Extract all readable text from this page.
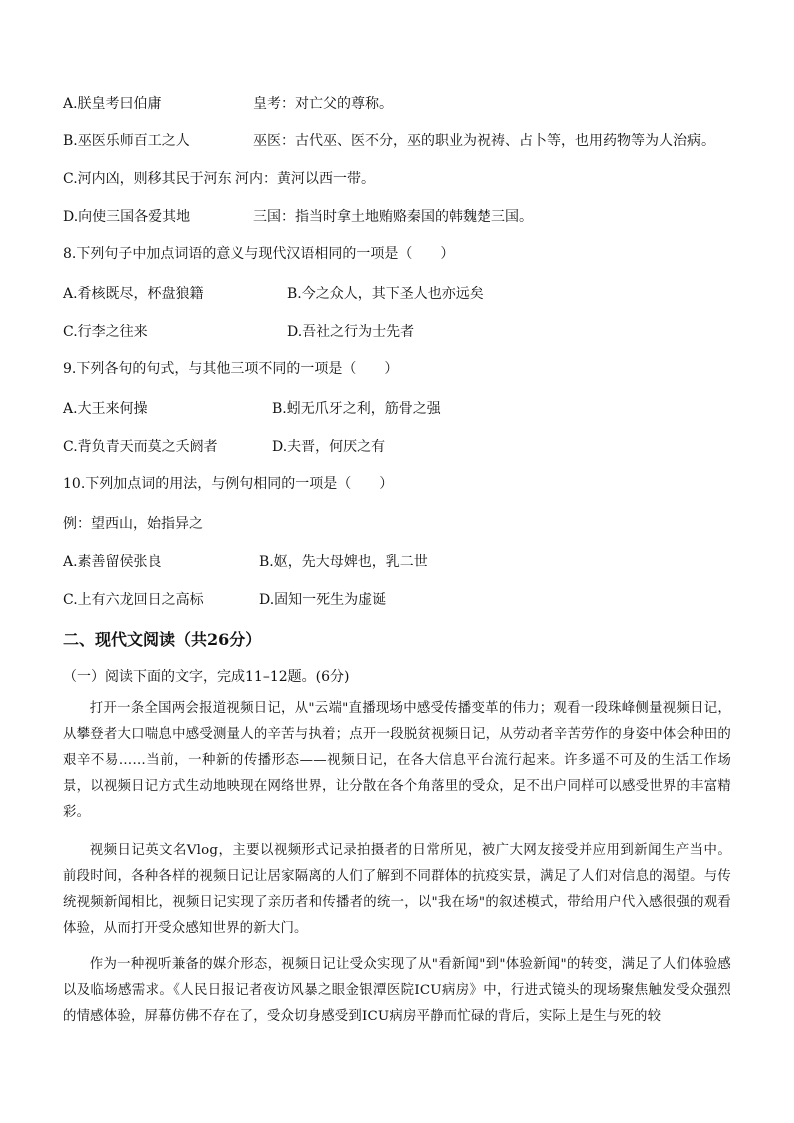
A.朕皇考曰伯庸	皇考：对亡父的尊称。
B.巫医乐师百工之人	巫医：古代巫、医不分，巫的职业为祝祷、占卜等，也用药物等为人治病。
C.河内凶，则移其民于河东 河内：黄河以西一带。
D.向使三国各爱其地	三国：指当时拿土地贿赂秦国的韩魏楚三国。
8.下列句子中加点词语的意义与现代汉语相同的一项是（　　）
A.肴核既尽，杯盘狼籍	B.今之众人，其下圣人也亦远矣
C.行李之往来	D.吾社之行为士先者
9.下列各句的句式，与其他三项不同的一项是（　　）
A.大王来何操	B.蚓无爪牙之利，筋骨之强
C.背负青天而莫之夭阏者	D.夫晋，何厌之有
10.下列加点词的用法，与例句相同的一项是（　　）
例：望西山，始指异之
A.素善留侯张良	B.妪，先大母婢也，乳二世
C.上有六龙回日之高标	D.固知一死生为虚诞
二、现代文阅读（共26分）
（一）阅读下面的文字，完成11–12题。(6分)
打开一条全国两会报道视频日记，从"云端"直播现场中感受传播变革的伟力；观看一段珠峰侧量视频日记，从攀登者大口喘息中感受测量人的辛苦与执着；点开一段脱贫视频日记，从劳动者辛苦劳作的身姿中体会种田的艰辛不易……当前，一种新的传播形态——视频日记，在各大信息平台流行起来。许多遥不可及的生活工作场景，以视频日记方式生动地映现在网络世界，让分散在各个角落里的受众，足不出户同样可以感受世界的丰富精彩。
视频日记英文名Vlog，主要以视频形式记录拍摄者的日常所见，被广大网友接受并应用到新闻生产当中。前段时间，各种各样的视频日记让居家隔离的人们了解到不同群体的抗疫实景，满足了人们对信息的渴望。与传统视频新闻相比，视频日记实现了亲历者和传播者的统一，以"我在场"的叙述模式，带给用户代入感很强的观看体验，从而打开受众感知世界的新大门。
作为一种视听兼备的媒介形态，视频日记让受众实现了从"看新闻"到"体验新闻"的转变，满足了人们体验感以及临场感需求。《人民日报记者夜访风暴之眼金银潭医院ICU病房》中，行进式镜头的现场聚焦触发受众强烈的情感体验，屏幕仿佛不存在了，受众切身感受到ICU病房平静而忙碌的背后，实际上是生与死的较
